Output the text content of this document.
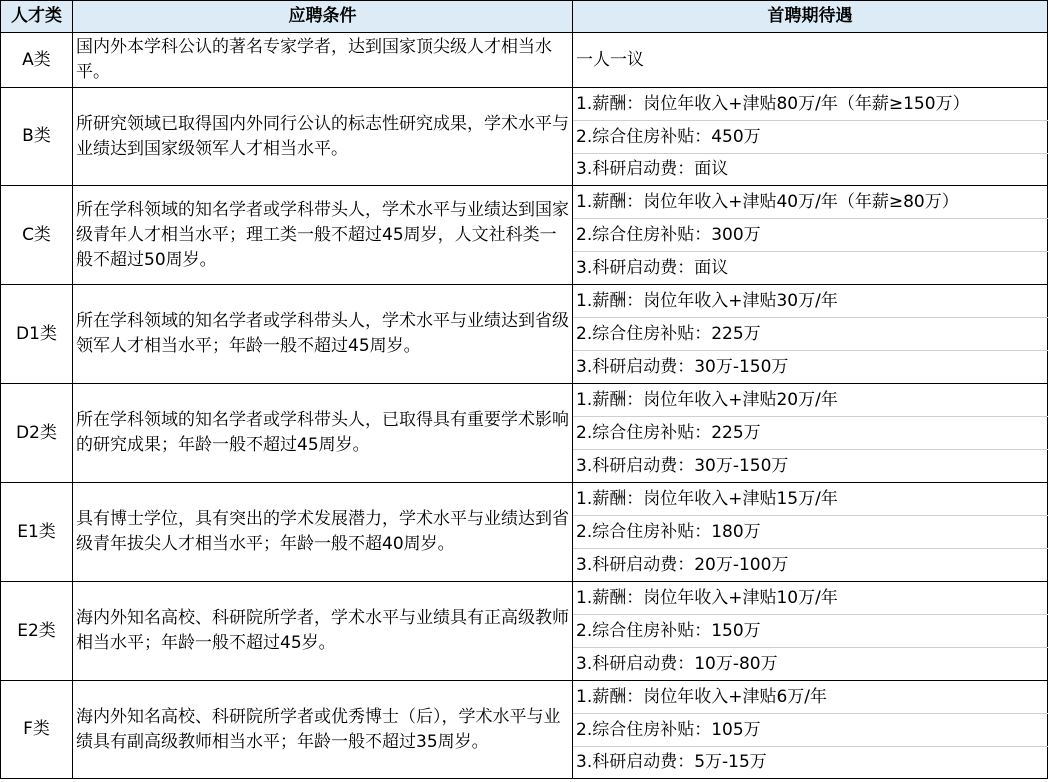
人才类	应聘条件	首聘期待遇
A类	国内外本学科公认的著名专家学者，达到国家顶尖级人才相当水平。	一人一议
B类	所研究领域已取得国内外同行公认的标志性研究成果，学术水平与业绩达到国家级领军人才相当水平。	1.薪酬：岗位年收入+津贴80万/年（年薪≥150万）
		2.综合住房补贴：450万
		3.科研启动费：面议
C类	所在学科领域的知名学者或学科带头人，学术水平与业绩达到国家级青年人才相当水平；理工类一般不超过45周岁，人文社科类一般不超过50周岁。	1.薪酬：岗位年收入+津贴40万/年（年薪≥80万）
		2.综合住房补贴：300万
		3.科研启动费：面议
D1类	所在学科领域的知名学者或学科带头人，学术水平与业绩达到省级领军人才相当水平；年龄一般不超过45周岁。	1.薪酬：岗位年收入+津贴30万/年
		2.综合住房补贴：225万
		3.科研启动费：30万-150万
D2类	所在学科领域的知名学者或学科带头人，已取得具有重要学术影响的研究成果；年龄一般不超过45周岁。	1.薪酬：岗位年收入+津贴20万/年
		2.综合住房补贴：225万
		3.科研启动费：30万-150万
E1类	具有博士学位，具有突出的学术发展潜力，学术水平与业绩达到省级青年拔尖人才相当水平；年龄一般不超40周岁。	1.薪酬：岗位年收入+津贴15万/年
		2.综合住房补贴：180万
		3.科研启动费：20万-100万
E2类	海内外知名高校、科研院所学者，学术水平与业绩具有正高级教师相当水平；年龄一般不超过45岁。	1.薪酬：岗位年收入+津贴10万/年
		2.综合住房补贴：150万
		3.科研启动费：10万-80万
F类	海内外知名高校、科研院所学者或优秀博士（后），学术水平与业绩具有副高级教师相当水平；年龄一般不超过35周岁。	1.薪酬：岗位年收入+津贴6万/年
		2.综合住房补贴：105万
		3.科研启动费：5万-15万
